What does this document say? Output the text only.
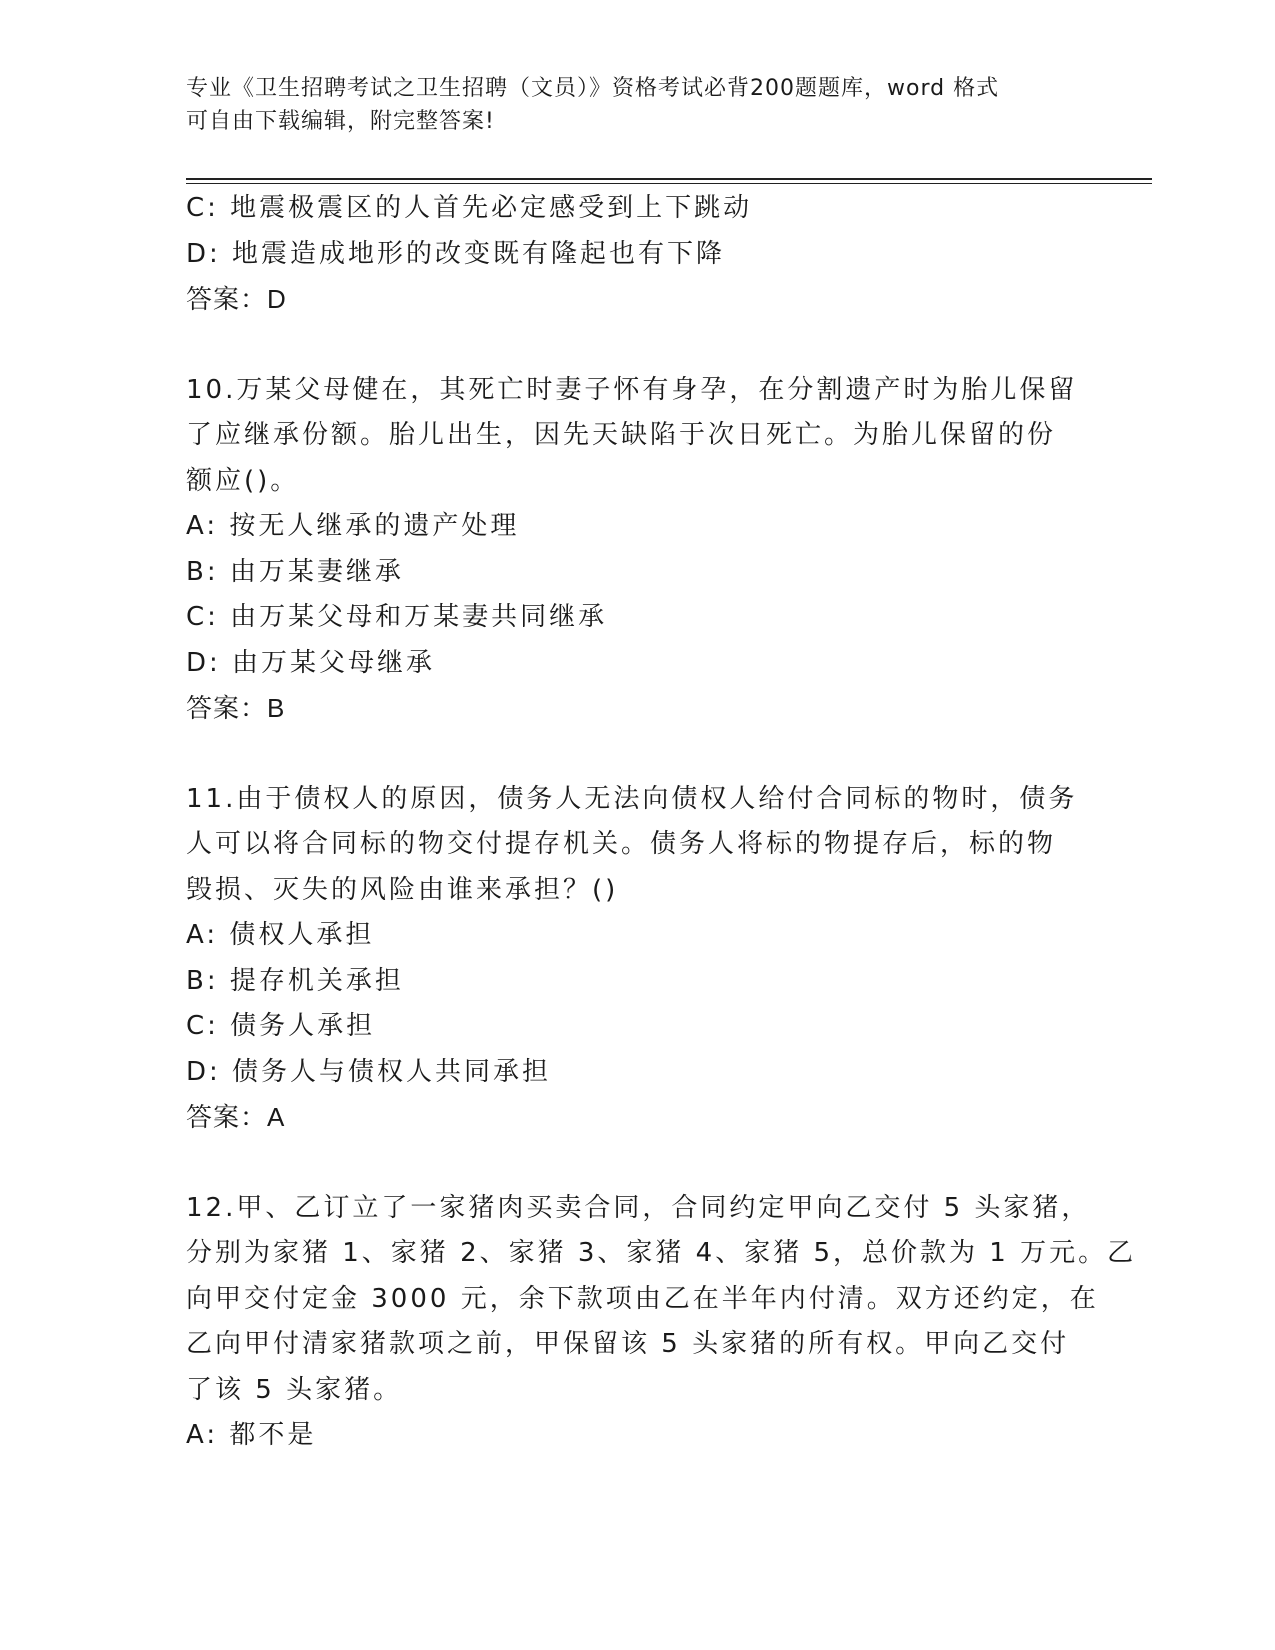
专业《卫生招聘考试之卫生招聘（文员）》资格考试必背200题题库，word 格式
可自由下载编辑，附完整答案!
C: 地震极震区的人首先必定感受到上下跳动
D: 地震造成地形的改变既有隆起也有下降
答案：D
10.万某父母健在，其死亡时妻子怀有身孕，在分割遗产时为胎儿保留
了应继承份额。胎儿出生，因先天缺陷于次日死亡。为胎儿保留的份
额应()。
A: 按无人继承的遗产处理
B: 由万某妻继承
C: 由万某父母和万某妻共同继承
D: 由万某父母继承
答案：B
11.由于债权人的原因，债务人无法向债权人给付合同标的物时，债务
人可以将合同标的物交付提存机关。债务人将标的物提存后，标的物
毁损、灭失的风险由谁来承担？()
A: 债权人承担
B: 提存机关承担
C: 债务人承担
D: 债务人与债权人共同承担
答案：A
12.甲、乙订立了一家猪肉买卖合同，合同约定甲向乙交付 5 头家猪，
分别为家猪 1、家猪 2、家猪 3、家猪 4、家猪 5，总价款为 1 万元。乙
向甲交付定金 3000 元，余下款项由乙在半年内付清。双方还约定，在
乙向甲付清家猪款项之前，甲保留该 5 头家猪的所有权。甲向乙交付
了该 5 头家猪。
A: 都不是
